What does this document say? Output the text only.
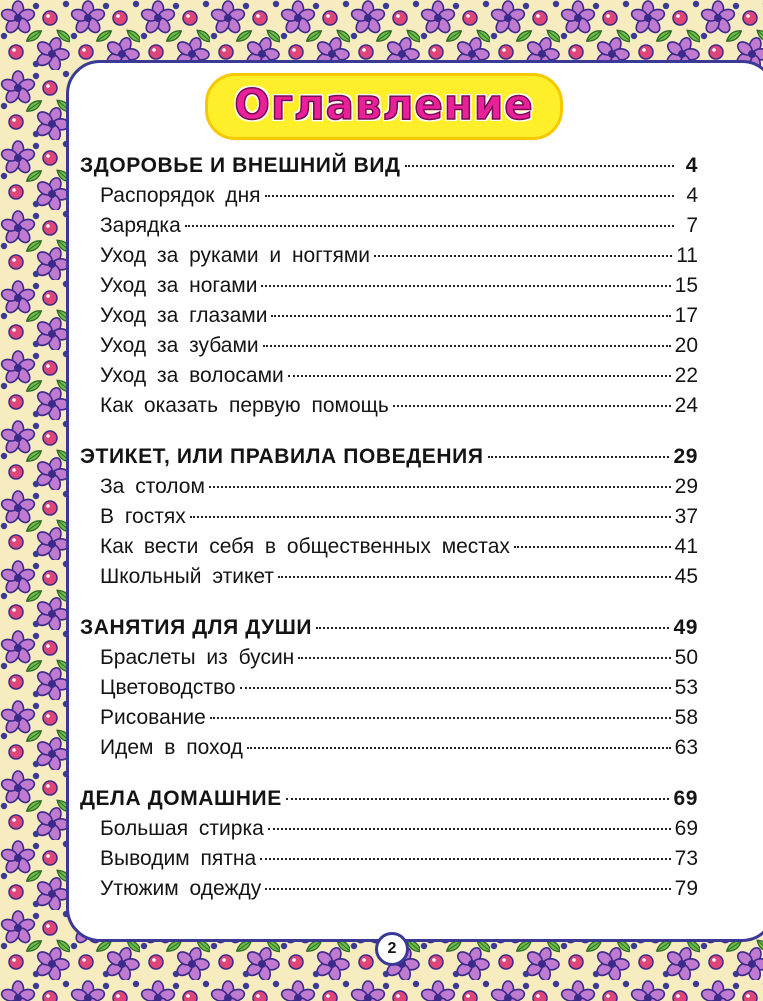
Оглавление
ЗДОРОВЬЕ И ВНЕШНИЙ ВИД	4
Распорядок дня	4
Зарядка	7
Уход за руками и ногтями	11
Уход за ногами	15
Уход за глазами	17
Уход за зубами	20
Уход за волосами	22
Как оказать первую помощь	24
ЭТИКЕТ, ИЛИ ПРАВИЛА ПОВЕДЕНИЯ	29
За столом	29
В гостях	37
Как вести себя в общественных местах	41
Школьный этикет	45
ЗАНЯТИЯ ДЛЯ ДУШИ	49
Браслеты из бусин	50
Цветоводство	53
Рисование	58
Идем в поход	63
ДЕЛА ДОМАШНИЕ	69
Большая стирка	69
Выводим пятна	73
Утюжим одежду	79
2
